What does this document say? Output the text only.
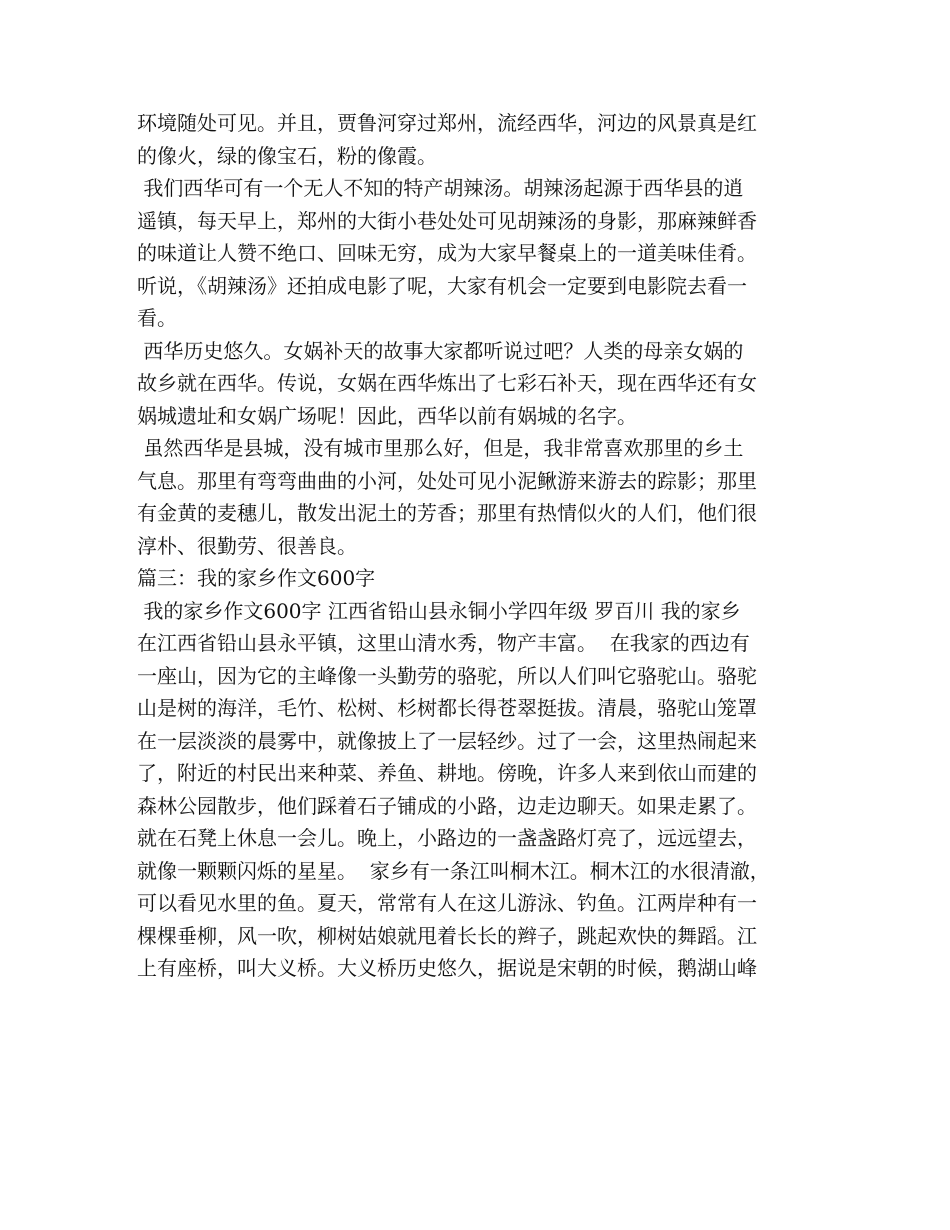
环境随处可见。并且，贾鲁河穿过郑州，流经西华，河边的风景真是红
的像火，绿的像宝石，粉的像霞。
我们西华可有一个无人不知的特产胡辣汤。胡辣汤起源于西华县的逍
遥镇，每天早上，郑州的大街小巷处处可见胡辣汤的身影，那麻辣鲜香
的味道让人赞不绝口、回味无穷，成为大家早餐桌上的一道美味佳肴。
听说，《胡辣汤》还拍成电影了呢，大家有机会一定要到电影院去看一
看。
西华历史悠久。女娲补天的故事大家都听说过吧？人类的母亲女娲的
故乡就在西华。传说，女娲在西华炼出了七彩石补天，现在西华还有女
娲城遗址和女娲广场呢！因此，西华以前有娲城的名字。
虽然西华是县城，没有城市里那么好，但是，我非常喜欢那里的乡土
气息。那里有弯弯曲曲的小河，处处可见小泥鳅游来游去的踪影；那里
有金黄的麦穗儿，散发出泥土的芳香；那里有热情似火的人们，他们很
淳朴、很勤劳、很善良。
篇三：我的家乡作文600字
我的家乡作文600字 江西省铅山县永铜小学四年级 罗百川 我的家乡
在江西省铅山县永平镇，这里山清水秀，物产丰富。  在我家的西边有
一座山，因为它的主峰像一头勤劳的骆驼，所以人们叫它骆驼山。骆驼
山是树的海洋，毛竹、松树、杉树都长得苍翠挺拔。清晨，骆驼山笼罩
在一层淡淡的晨雾中，就像披上了一层轻纱。过了一会，这里热闹起来
了，附近的村民出来种菜、养鱼、耕地。傍晚，许多人来到依山而建的
森林公园散步，他们踩着石子铺成的小路，边走边聊天。如果走累了。
就在石凳上休息一会儿。晚上，小路边的一盏盏路灯亮了，远远望去，
就像一颗颗闪烁的星星。  家乡有一条江叫桐木江。桐木江的水很清澈，
可以看见水里的鱼。夏天，常常有人在这儿游泳、钓鱼。江两岸种有一
棵棵垂柳，风一吹，柳树姑娘就甩着长长的辫子，跳起欢快的舞蹈。江
上有座桥，叫大义桥。大义桥历史悠久，据说是宋朝的时候，鹅湖山峰
